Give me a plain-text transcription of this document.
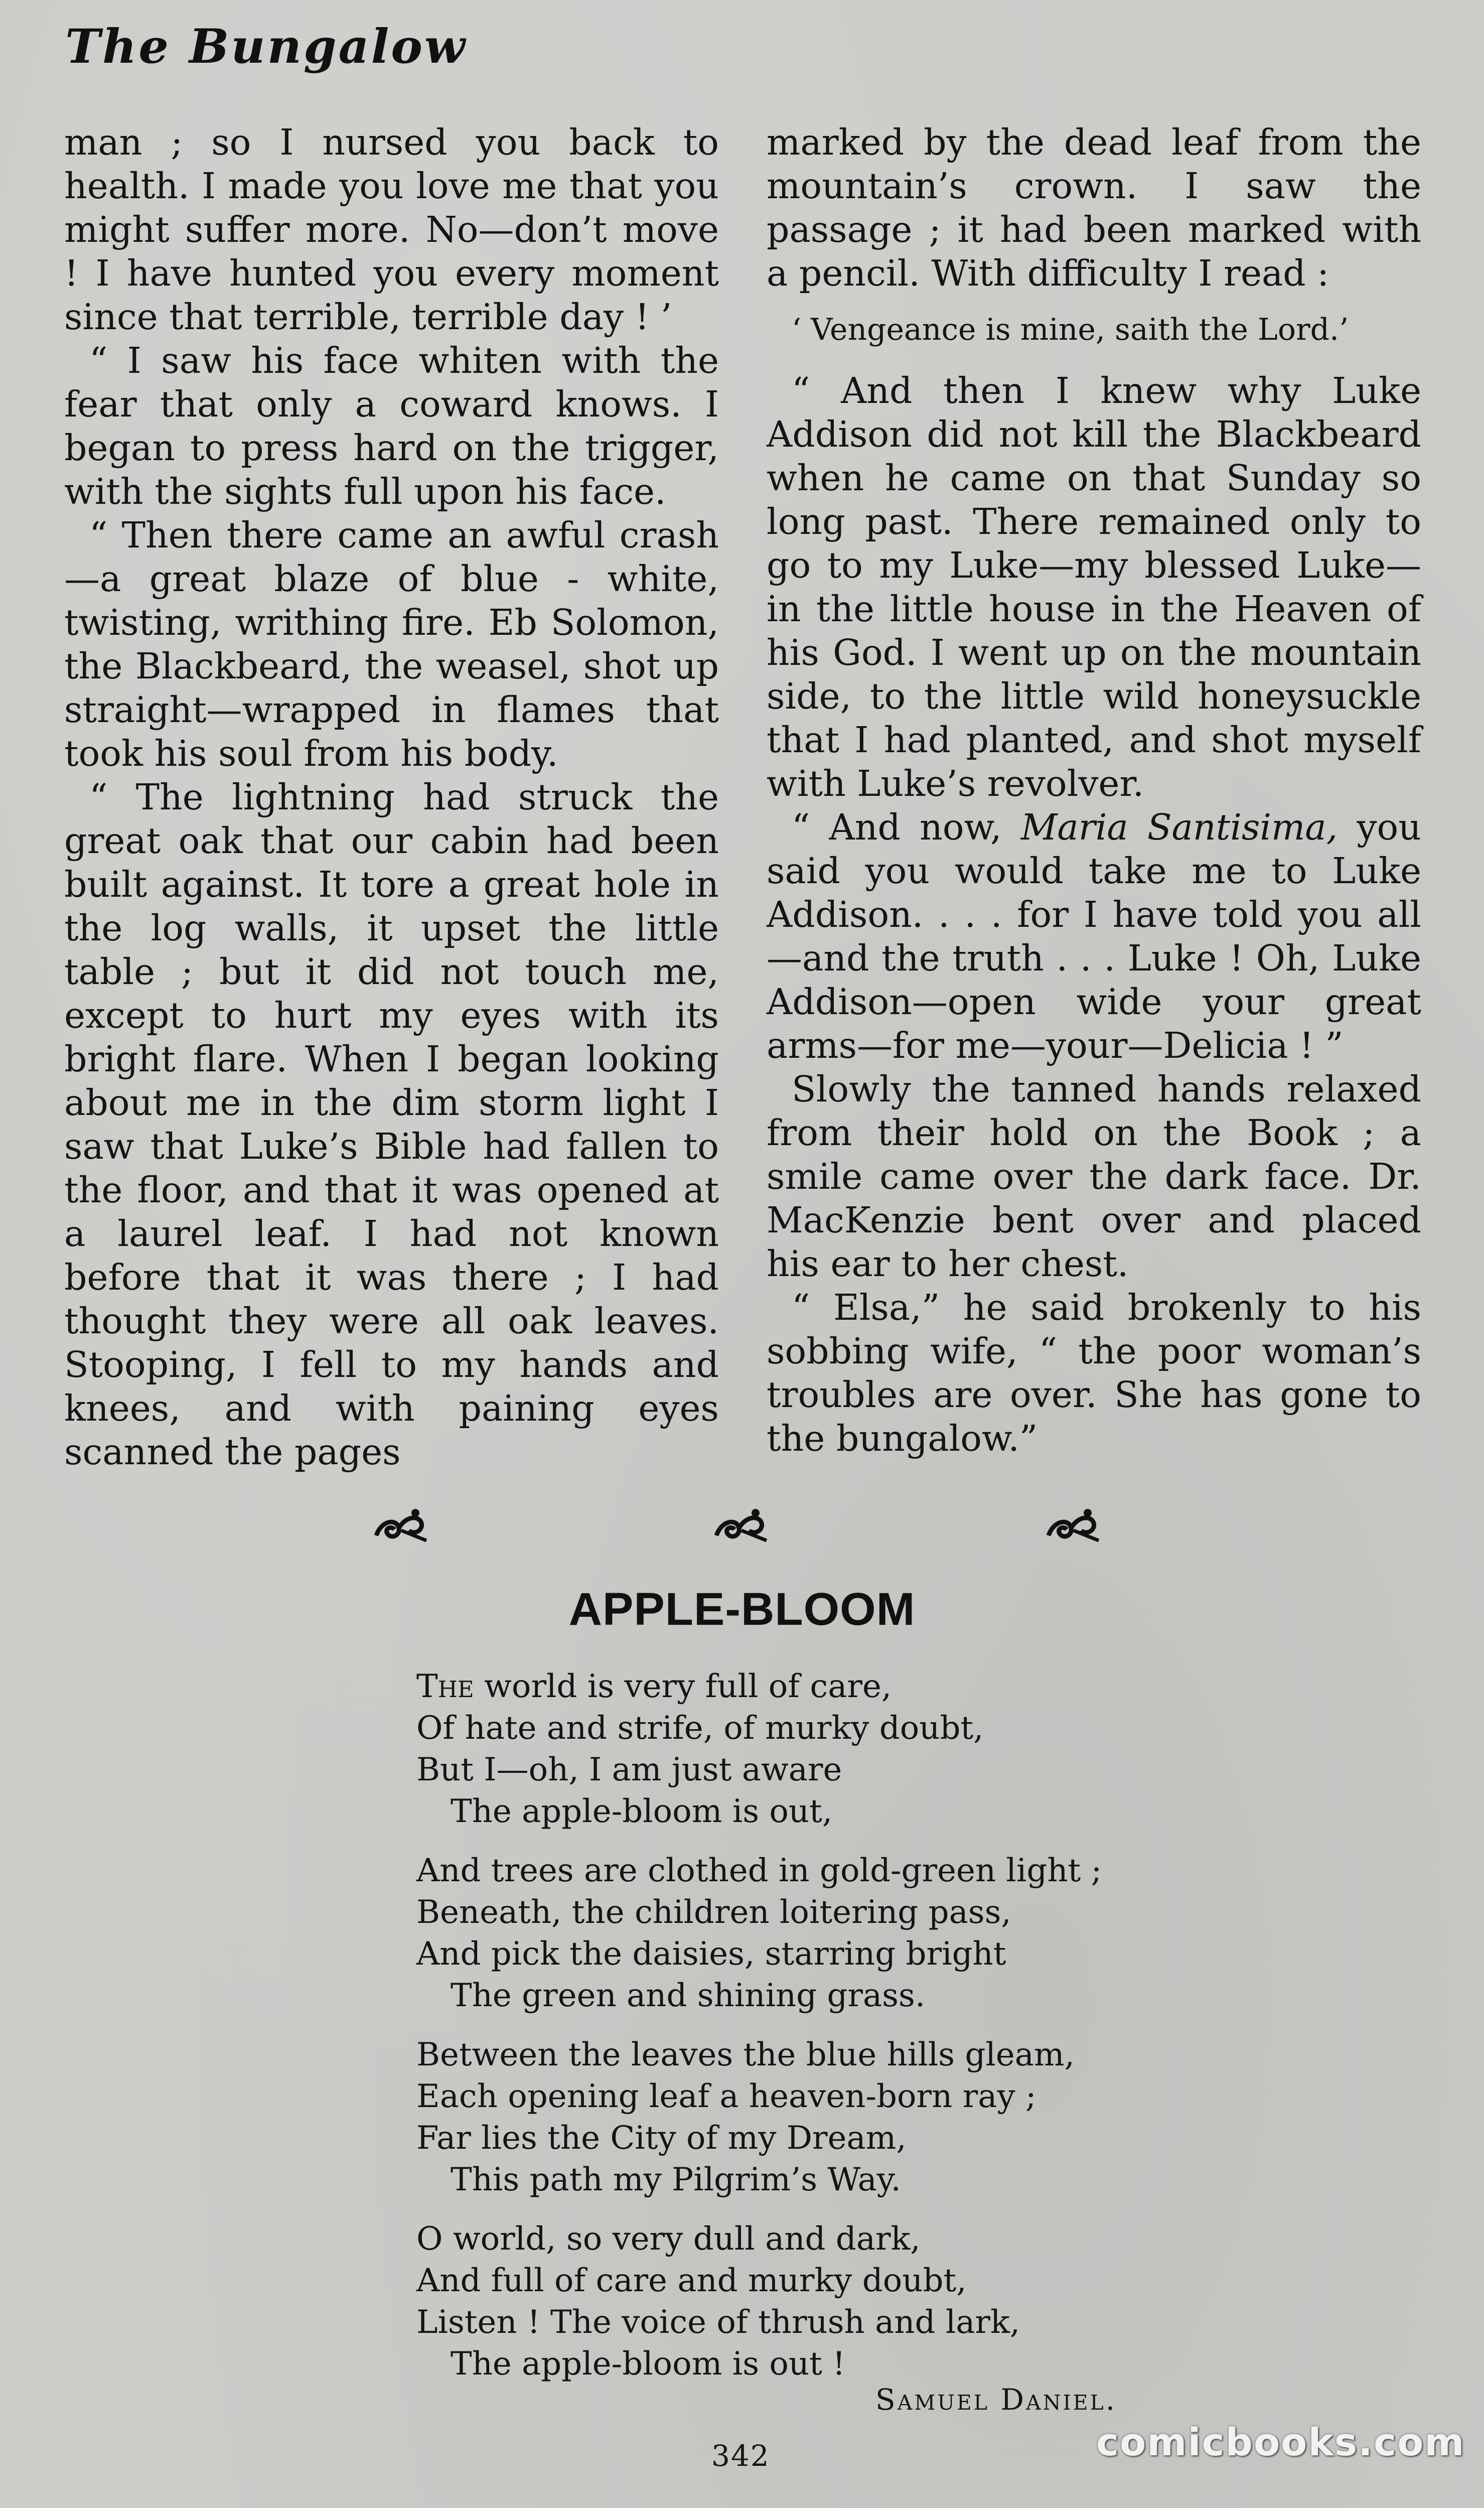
The Bungalow

man ; so I nursed you back to health. I made you love me that you might suffer more. No—don’t move ! I have hunted you every moment since that terrible, terrible day ! ’

“ I saw his face whiten with the fear that only a coward knows. I began to press hard on the trigger, with the sights full upon his face.

“ Then there came an awful crash —a great blaze of blue - white, twisting, writhing fire. Eb Solomon, the Blackbeard, the weasel, shot up straight—wrapped in flames that took his soul from his body.

“ The lightning had struck the great oak that our cabin had been built against. It tore a great hole in the log walls, it upset the little table ; but it did not touch me, except to hurt my eyes with its bright flare. When I began looking about me in the dim storm light I saw that Luke’s Bible had fallen to the floor, and that it was opened at a laurel leaf. I had not known before that it was there ; I had thought they were all oak leaves. Stooping, I fell to my hands and knees, and with paining eyes scanned the pages

marked by the dead leaf from the mountain’s crown. I saw the passage ; it had been marked with a pencil. With difficulty I read :

‘ Vengeance is mine, saith the Lord.’

“ And then I knew why Luke Addison did not kill the Blackbeard when he came on that Sunday so long past. There remained only to go to my Luke—my blessed Luke—in the little house in the Heaven of his God. I went up on the mountain side, to the little wild honeysuckle that I had planted, and shot myself with Luke’s revolver.

“ And now, Maria Santisima, you said you would take me to Luke Addison. . . . for I have told you all —and the truth . . . Luke ! Oh, Luke Addison—open wide your great arms—for me—your—Delicia ! ”

Slowly the tanned hands relaxed from their hold on the Book ; a smile came over the dark face. Dr. MacKenzie bent over and placed his ear to her chest.

“ Elsa,” he said brokenly to his sobbing wife, “ the poor woman’s troubles are over. She has gone to the bungalow.”

APPLE-BLOOM
The world is very full of care,
Of hate and strife, of murky doubt,
But I—oh, I am just aware
The apple-bloom is out,
And trees are clothed in gold-green light ;
Beneath, the children loitering pass,
And pick the daisies, starring bright
The green and shining grass.
Between the leaves the blue hills gleam,
Each opening leaf a heaven-born ray ;
Far lies the City of my Dream,
This path my Pilgrim’s Way.
O world, so very dull and dark,
And full of care and murky doubt,
Listen ! The voice of thrush and lark,
The apple-bloom is out !
Samuel Daniel.
342	comicbooks.com
